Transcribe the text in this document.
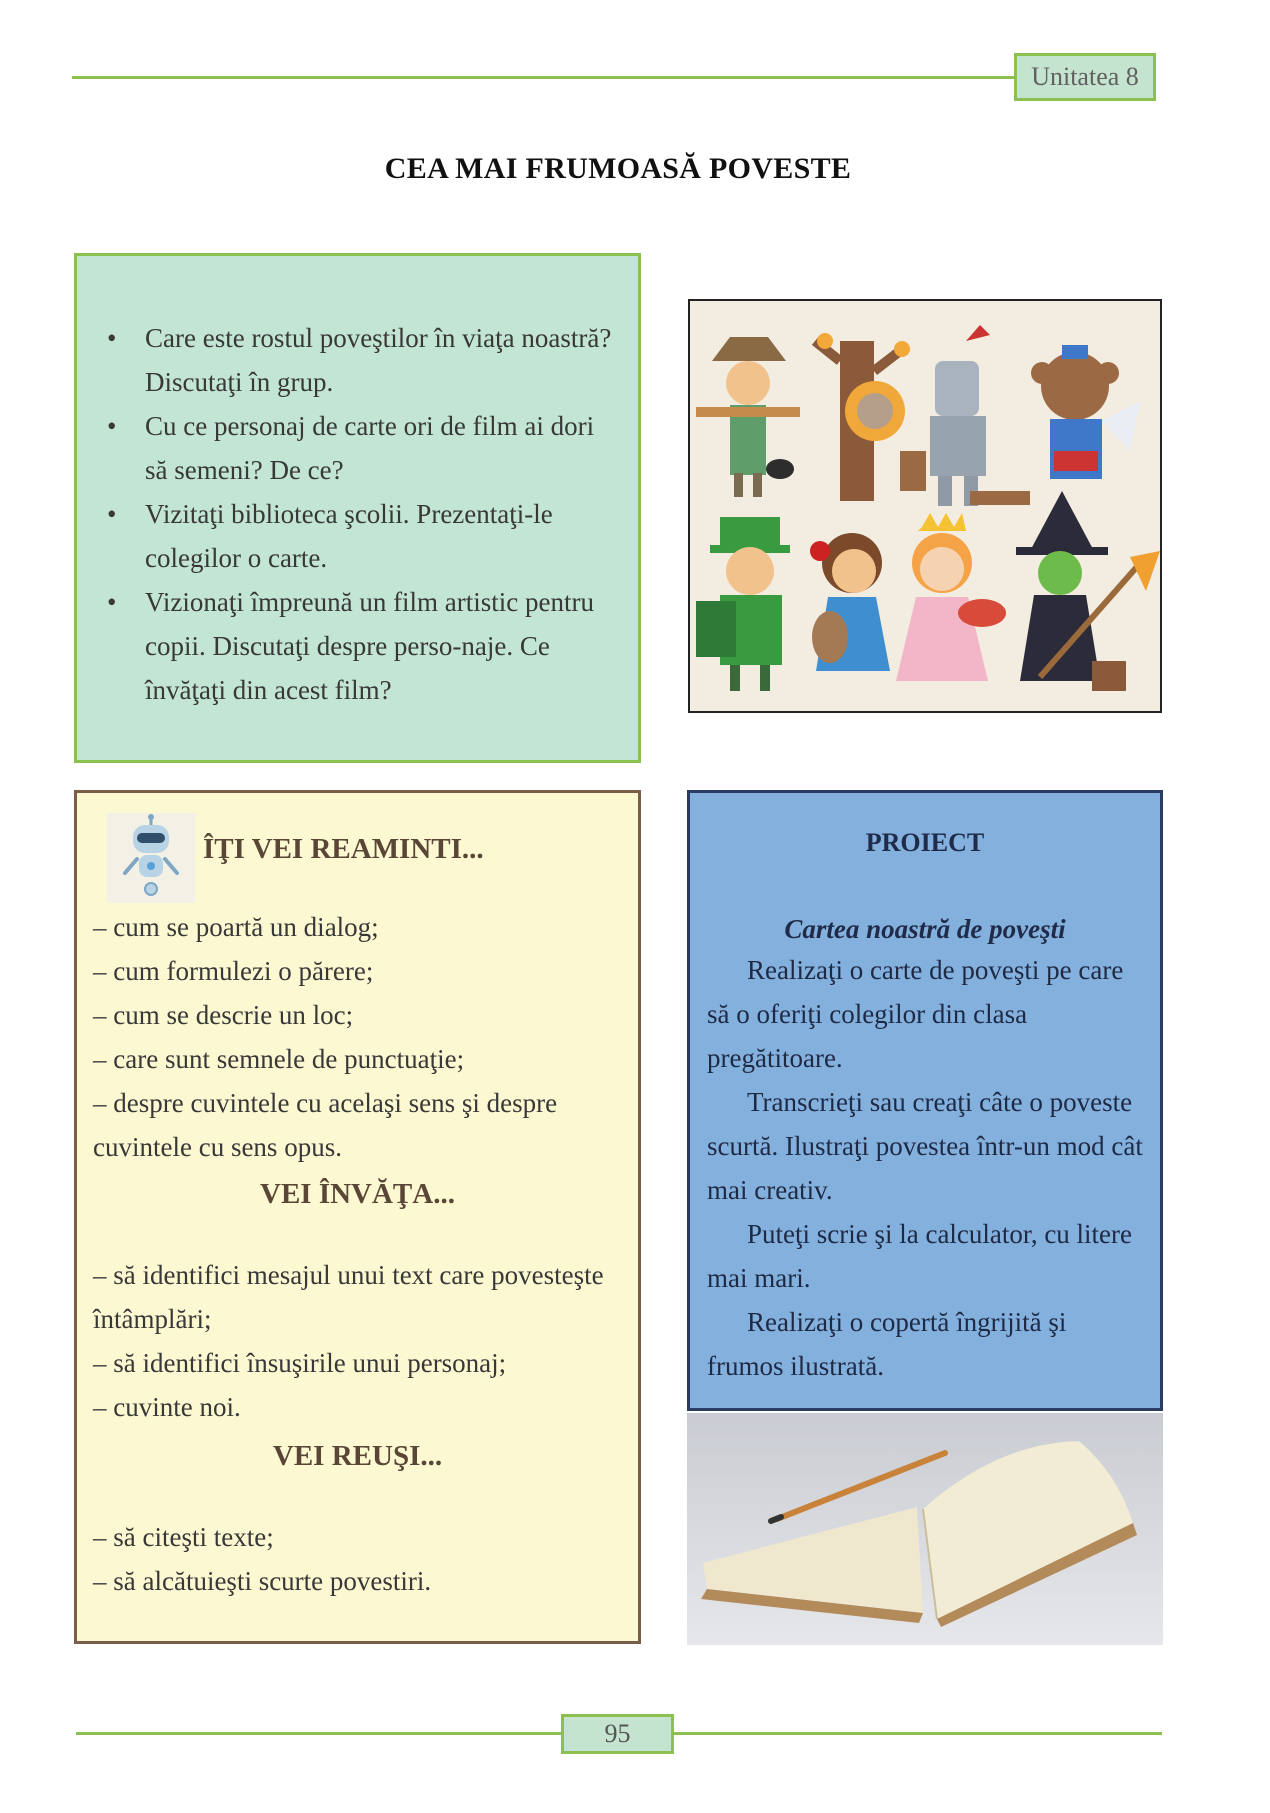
Unitatea 8
CEA MAI FRUMOASĂ POVESTE
• Care este rostul poveştilor în viaţa noastră? Discutaţi în grup.
• Cu ce personaj de carte ori de film ai dori să semeni? De ce?
• Vizitaţi biblioteca şcolii. Prezentaţi-le colegilor o carte.
• Vizionaţi împreună un film artistic pentru copii. Discutaţi despre perso-naje. Ce învăţaţi din acest film?
ÎŢI VEI REAMINTI...
– cum se poartă un dialog;
– cum formulezi o părere;
– cum se descrie un loc;
– care sunt semnele de punctuaţie;
– despre cuvintele cu acelaşi sens şi despre cuvintele cu sens opus.
VEI ÎNVĂŢA...
– să identifici mesajul unui text care povesteşte întâmplări;
– să identifici însuşirile unui personaj;
– cuvinte noi.
VEI REUŞI...
– să citeşti texte;
– să alcătuieşti scurte povestiri.
PROIECT
Cartea noastră de poveşti

Realizaţi o carte de poveşti pe care să o oferiţi colegilor din clasa pregătitoare.

Transcrieţi sau creaţi câte o poveste scurtă. Ilustraţi povestea într-un mod cât mai creativ.

Puteţi scrie şi la calculator, cu litere mai mari.

Realizaţi o copertă îngrijită şi frumos ilustrată.

95
